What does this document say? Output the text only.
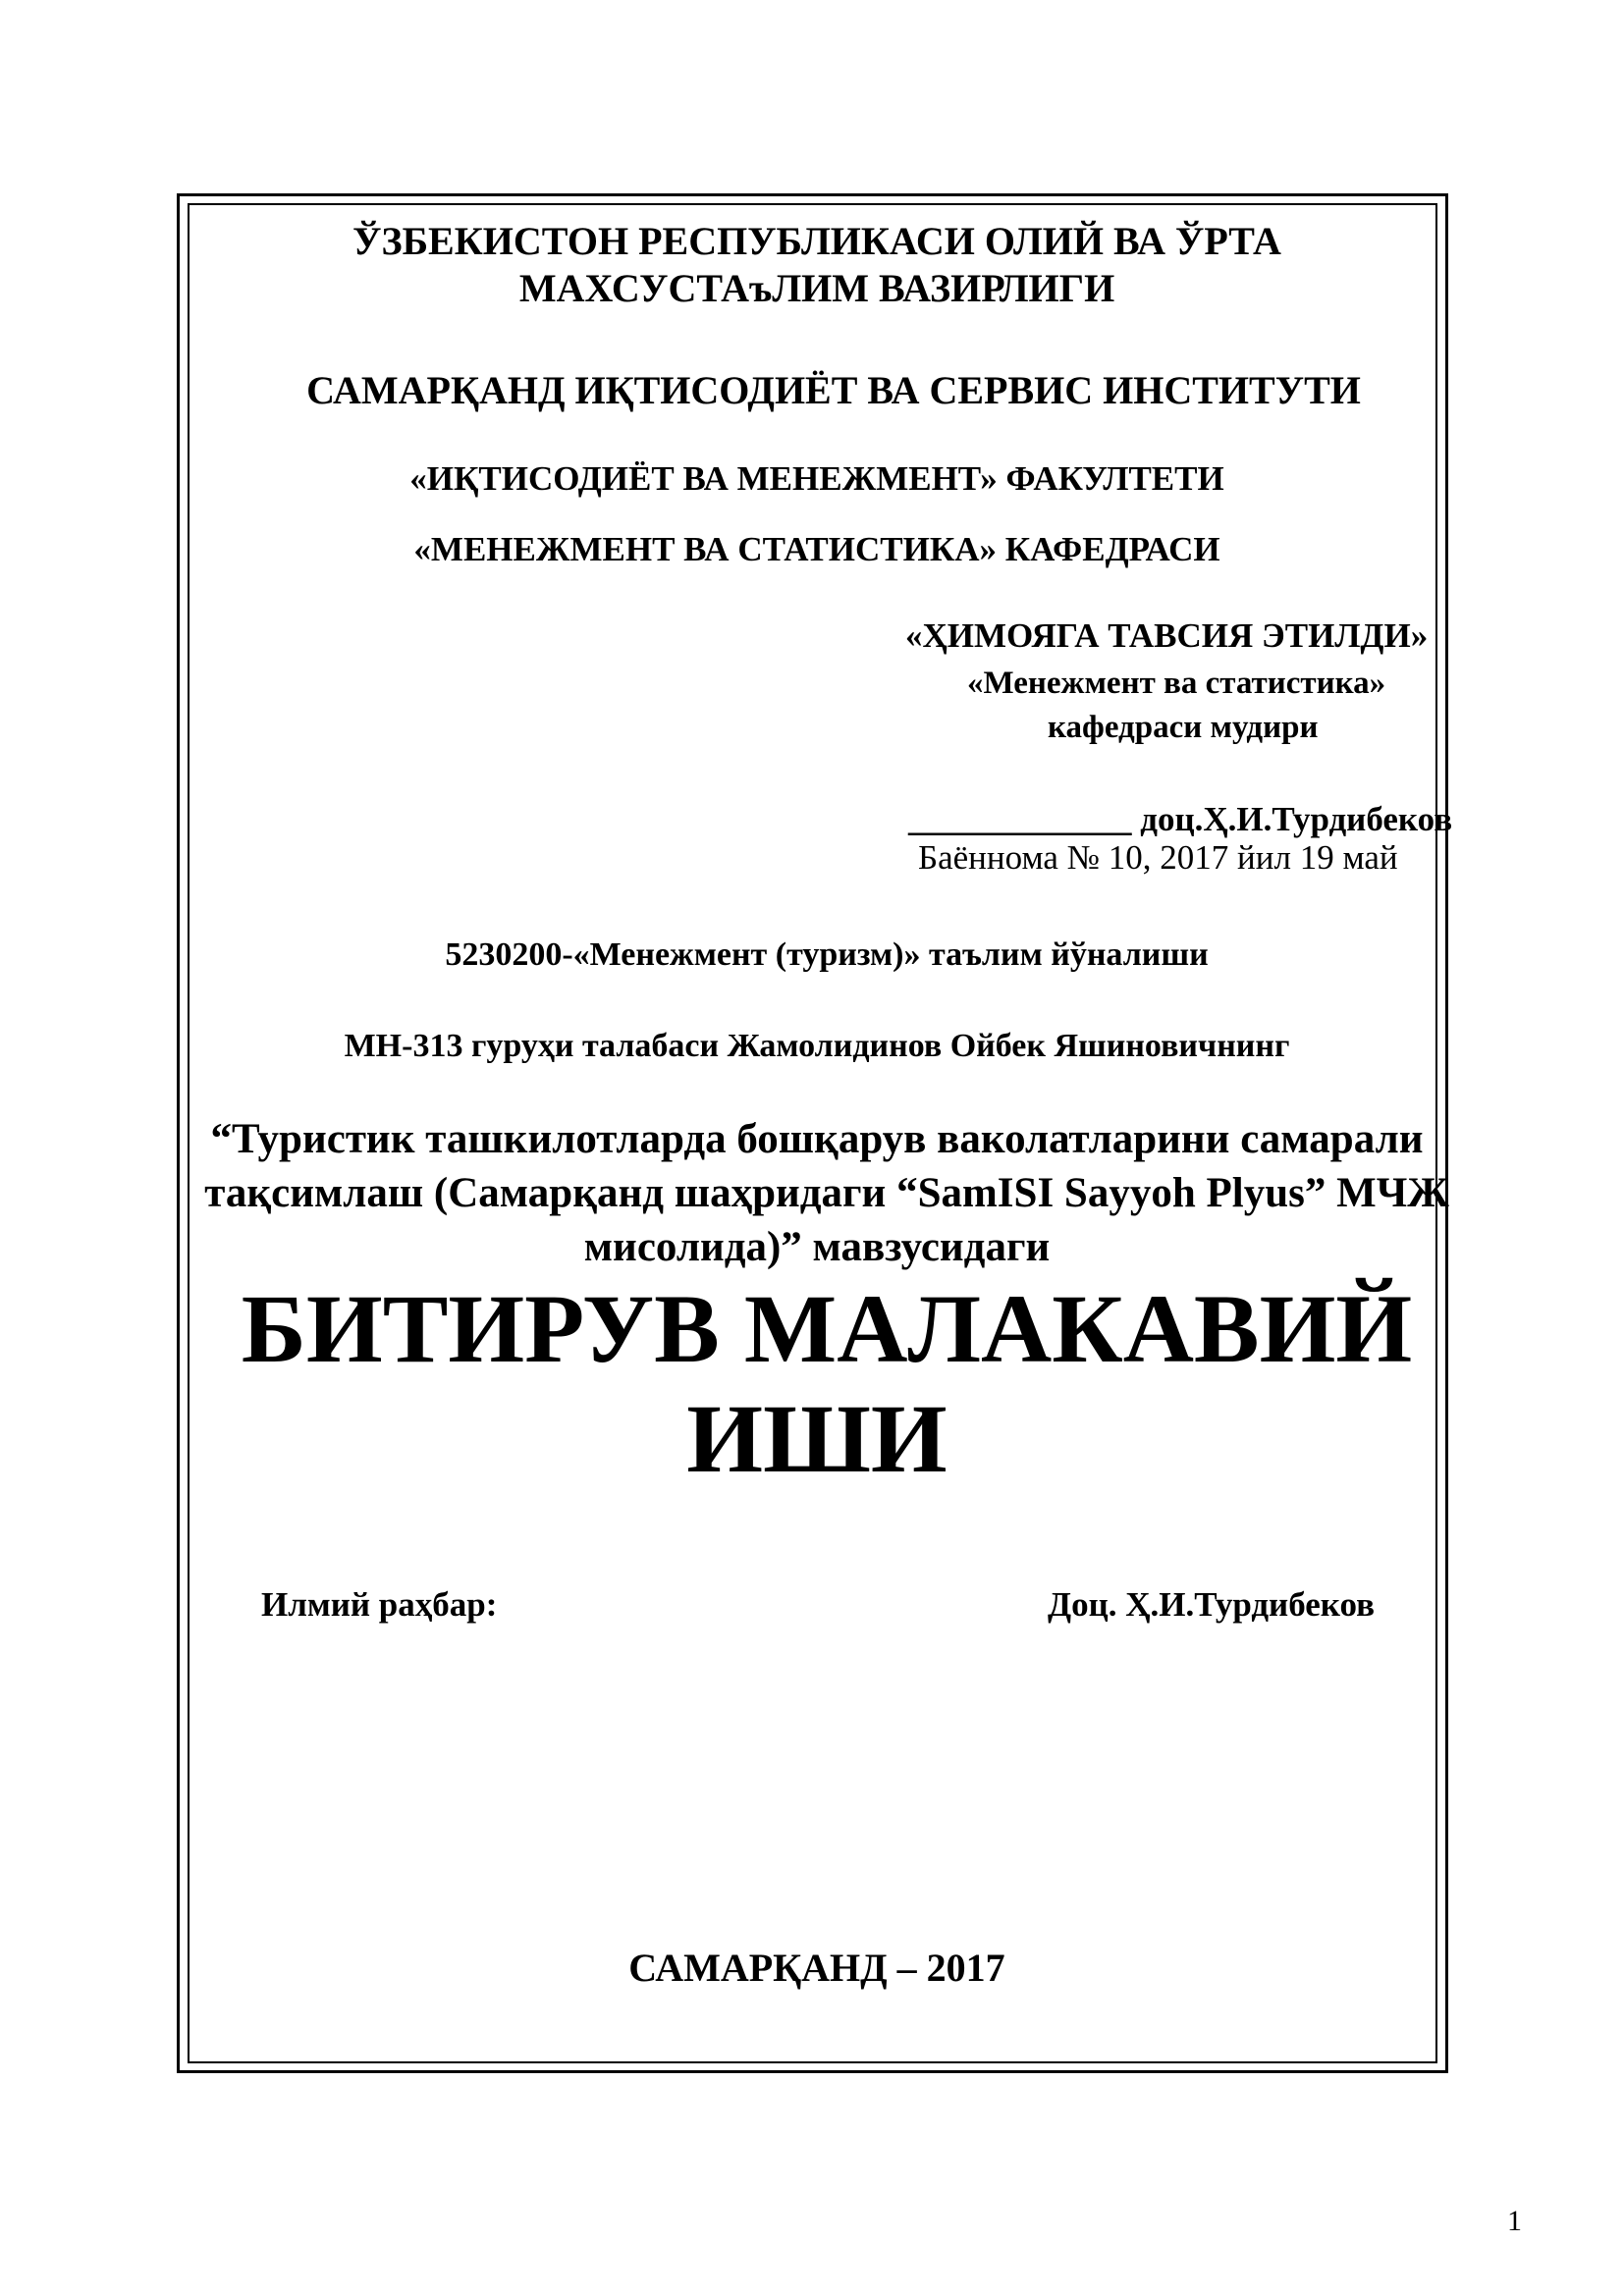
ЎЗБЕКИСТОН РЕСПУБЛИКАСИ ОЛИЙ ВА ЎРТА
МАХСУСТАъЛИМ ВАЗИРЛИГИ
САМАРҚАНД ИҚТИСОДИЁТ ВА СЕРВИС ИНСТИТУТИ
«ИҚТИСОДИЁТ ВА МЕНЕЖМЕНТ» ФАКУЛТЕТИ
«МЕНЕЖМЕНТ ВА СТАТИСТИКА» КАФЕДРАСИ
«ҲИМОЯГА ТАВСИЯ ЭТИЛДИ»
«Менежмент ва статистика»
кафедраси мудири
_____________ доц.Ҳ.И.Турдибеков
Баённома № 10, 2017 йил 19 май
5230200-«Менежмент (туризм)» таълим йўналиши
МН-313 гуруҳи талабаси Жамолидинов Ойбек Яшиновичнинг
“Туристик ташкилотларда бошқарув ваколатларини самарали
тақсимлаш (Самарқанд шаҳридаги “SamISI Sayyoh Plyus” МЧЖ
мисолида)” мавзусидаги
БИТИРУВ МАЛАКАВИЙ
ИШИ
Илмий раҳбар:	Доц. Ҳ.И.Турдибеков
САМАРҚАНД – 2017
1
